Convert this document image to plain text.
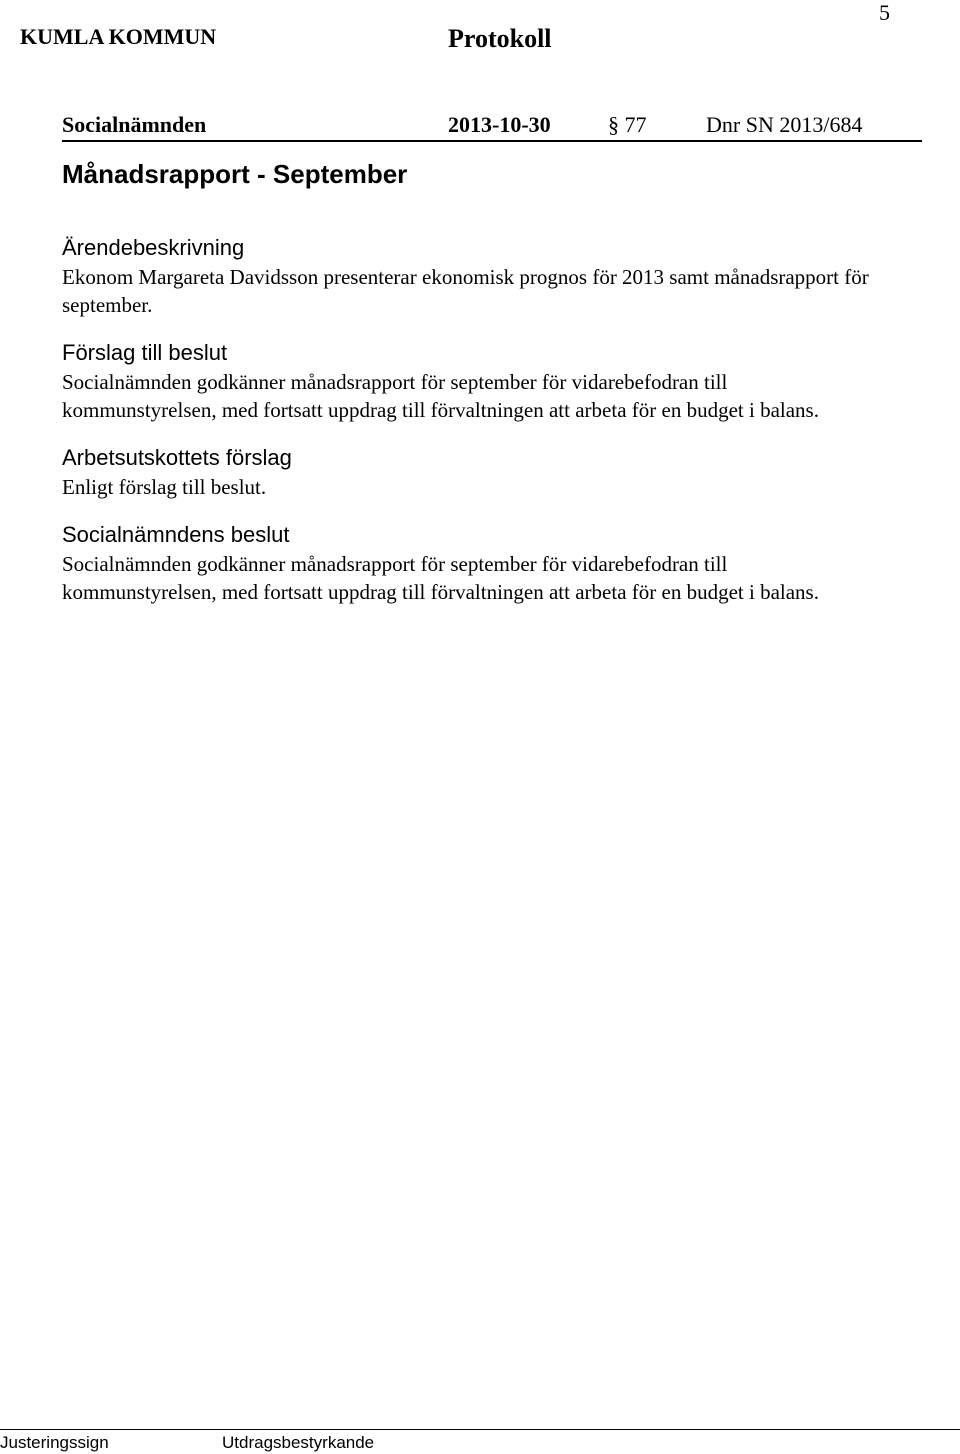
5
KUMLA KOMMUN	Protokoll
Socialnämnden	2013-10-30	§ 77	Dnr SN 2013/684
Månadsrapport - September
Ärendebeskrivning

Ekonom Margareta Davidsson presenterar ekonomisk prognos för 2013 samt månadsrapport för september.

Förslag till beslut

Socialnämnden godkänner månadsrapport för september för vidarebefodran till kommunstyrelsen, med fortsatt uppdrag till förvaltningen att arbeta för en budget i balans.

Arbetsutskottets förslag

Enligt förslag till beslut.

Socialnämndens beslut

Socialnämnden godkänner månadsrapport för september för vidarebefodran till kommunstyrelsen, med fortsatt uppdrag till förvaltningen att arbeta för en budget i balans.

Justeringssign	Utdragsbestyrkande
